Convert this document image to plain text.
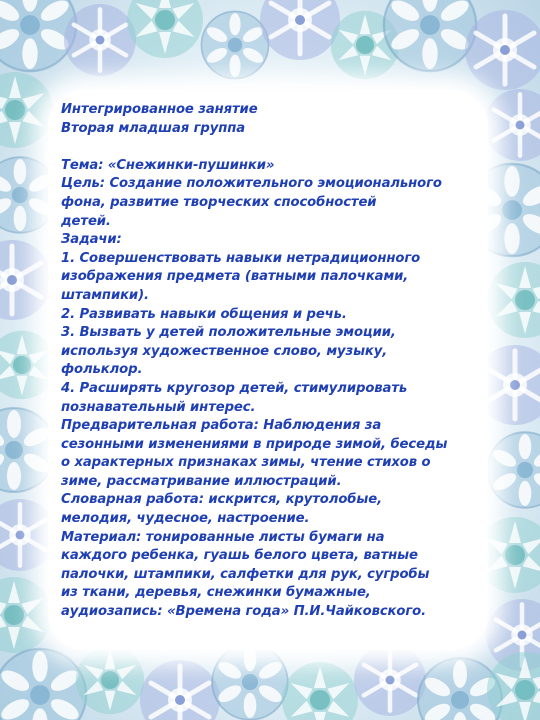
Интегрированное занятие
Вторая младшая группа
Тема: «Снежинки-пушинки»
Цель: Создание положительного эмоционального
фона, развитие творческих способностей
детей.
Задачи:
1. Совершенствовать навыки нетрадиционного
изображения предмета (ватными палочками,
штампики).
2. Развивать навыки общения и речь.
3. Вызвать у детей положительные эмоции,
используя художественное слово, музыку,
фольклор.
4. Расширять кругозор детей, стимулировать
познавательный интерес.
Предварительная работа: Наблюдения за
сезонными изменениями в природе зимой, беседы
о характерных признаках зимы, чтение стихов о
зиме, рассматривание иллюстраций.
Словарная работа: искрится, крутолобые,
мелодия, чудесное, настроение.
Материал: тонированные листы бумаги на
каждого ребенка, гуашь белого цвета, ватные
палочки, штампики, салфетки для рук, сугробы
из ткани, деревья, снежинки бумажные,
аудиозапись: «Времена года» П.И.Чайковского.
